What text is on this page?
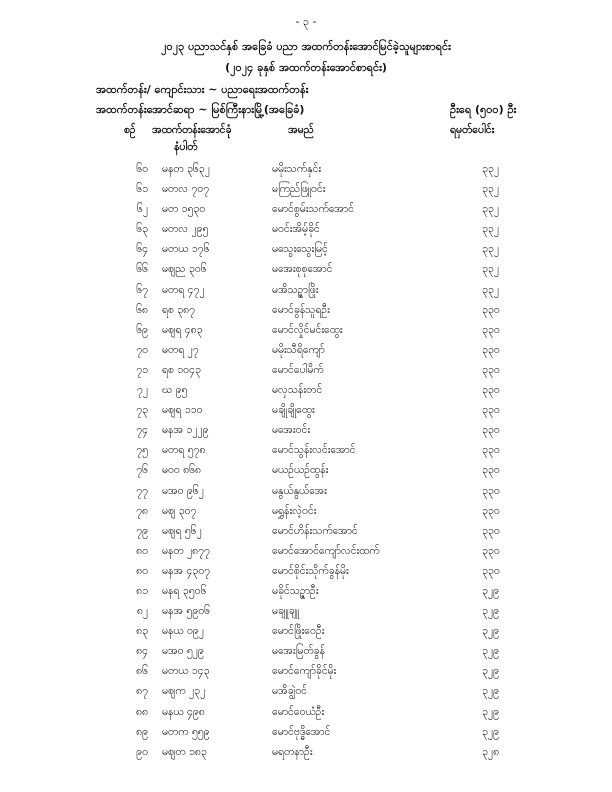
- ၃ -
၂၀၂၃ ပညာသင်နှစ် အခြေခံ ပညာ အထက်တန်းအောင်မြင်ခဲ့သူများစာရင်း
(၂၀၂၄ ခုနှစ် အထက်တန်းအောင်စာရင်း)
အထက်တန်း/ ကျောင်းသား ~ ပညာရေးအထက်တန်း
အထက်တန်းအောင်ဆရာ ~ မြစ်ကြီးနားမြို့(အခြေခံ)	ဦးရေ (၅၀၀) ဦး
စဉ် အထက်တန်းအောင်ခုံ
နံပါတ်
အမည်	ရမှတ်ပေါင်း
၆၀ မနတ ၃၆၃၂	မမိုးသက်နှင်း	၃၃၂
၆၁ မတလ ၇၀၇	မကြည်ဖြူဝင်း	၃၃၂
၆၂ မတ ၁၅၃၀	မောင်စွမ်းသက်အောင်	၃၃၂
၆၃ မတလ ၂၉၅	မဝင်းအိမ့်ခိုင်	၃၃၂
၆၄ မတယ ၁၇၆	မသွေးသွေးမြင့်	၃၃၂
၆၆ မဈည ၃၀၆	မအေးစုစုအောင်	၃၃၂
၆၇ မတရ ၄၇၂	မအိသဉ္ဇာဖြိုး	၃၃၂
၆၈ ရစ ၃၈၇	မောင်ခွန်သူရဦး	၃၃၀
၆၉ မဈရ ၄၈၃	မောင်လှိုင်မင်းထွေး	၃၃၀
၇၀ မတရ ၂၇	မမိုးသီရိကျော်	၃၃၀
၇၁ ရစ ၁၀၄၃	မောင်ပေါမိက်	၃၃၀
၇၂ ဃ ၉၅	မလှသန်းတင်	၃၃၀
၇၃ မဈရ ၁၁၀	မချိုချိုထွေး	၃၃၀
၇၄ မနအ ၁၂၂၉	မအေးဝင်း	၃၃၀
၇၅ မတရ ၅၇၈	မောင်သွန်းလင်းအောင်	၃၃၀
၇၆ မဝ၀ ၈၆၈	မယဉ်ယဉ်ထွန်း	၃၃၀
၇၇ မအ၀ ၉၆၂	မနွယ်နွယ်အေး	၃၃၀
၇၈ မဈ ၃၀၇	မရွှန်းလဲ့ဝင်း	၃၃၀
၇၉ မဈရ ၅၆၂	မောင်ဟိန်းသက်အောင်	၃၃၀
၈၀ မနတ ၂၈၇၇	မောင်အောင်ကျော်လင်းထက်	၃၃၀
၈၀ မနအ ၄၃၀၇	မောင်စိုင်းသိုက်ခွန်မိုး	၃၃၀
၈၁ မနရ ၃၅၀၆	မခိုင်သဉ္ဇာဦး	၃၂၉
၈၂ မနအ ၅၉၀၆	မချူချူ	၃၂၉
၈၃ မနယ ၀၉၂	မောင်ဖြိုးဝေဦး	၃၂၉
၈၄ မအ၀ ၅၂၉	မအေးမြတ်ခွန်	၃၂၉
၈၆ မတယ ၁၄၃	မောင်ကျော်ခိုင်မိုး	၃၂၉
၈၇ မဈက ၂၃၂	မအိချွဲဝင်	၃၂၉
၈၈ မနယ ၄၉၈	မောင်ဝေယံဦး	၃၂၉
၈၉ မတက ၅၅၉	မောင်ဗုဒ္ဓိအောင်	၃၂၉
၉၀ မဈတ ၁၈၃	မရတနာဦး	၃၂၈
